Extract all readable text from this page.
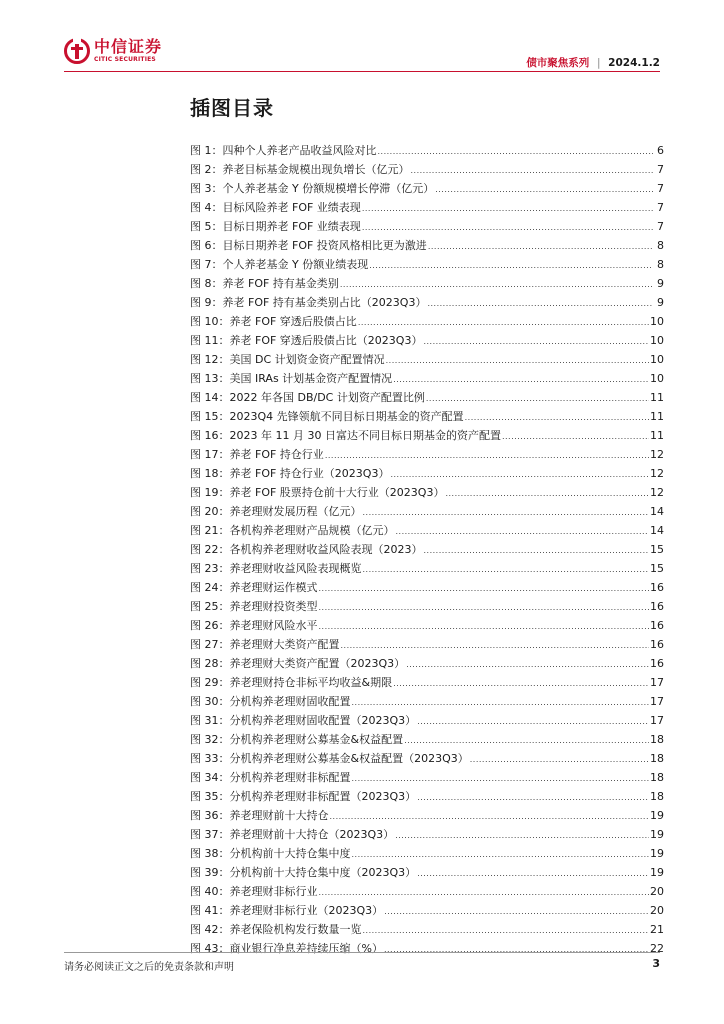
中信证券
CITIC SECURITIES	债市聚焦系列 | 2024.1.2
插图目录
图 1：四种个人养老产品收益风险对比 .....	6
图 2：养老目标基金规模出现负增长（亿元） .....	7
图 3：个人养老基金 Y 份额规模增长停滞（亿元） .....	7
图 4：目标风险养老 FOF 业绩表现 .....	7
图 5：目标日期养老 FOF 业绩表现 .....	7
图 6：目标日期养老 FOF 投资风格相比更为激进 .....	8
图 7：个人养老基金 Y 份额业绩表现 .....	8
图 8：养老 FOF 持有基金类别 .....	9
图 9：养老 FOF 持有基金类别占比（2023Q3） .....	9
图 10：养老 FOF 穿透后股债占比 .....	10
图 11：养老 FOF 穿透后股债占比（2023Q3） .....	10
图 12：美国 DC 计划资金资产配置情况 .....	10
图 13：美国 IRAs 计划基金资产配置情况 .....	10
图 14：2022 年各国 DB/DC 计划资产配置比例 .....	11
图 15：2023Q4 先锋领航不同目标日期基金的资产配置 .....	11
图 16：2023 年 11 月 30 日富达不同目标日期基金的资产配置 .....	11
图 17：养老 FOF 持仓行业 .....	12
图 18：养老 FOF 持仓行业（2023Q3） .....	12
图 19：养老 FOF 股票持仓前十大行业（2023Q3） .....	12
图 20：养老理财发展历程（亿元） .....	14
图 21：各机构养老理财产品规模（亿元） .....	14
图 22：各机构养老理财收益风险表现（2023） .....	15
图 23：养老理财收益风险表现概览 .....	15
图 24：养老理财运作模式 .....	16
图 25：养老理财投资类型 .....	16
图 26：养老理财风险水平 .....	16
图 27：养老理财大类资产配置 .....	16
图 28：养老理财大类资产配置（2023Q3） .....	16
图 29：养老理财持仓非标平均收益&期限 .....	17
图 30：分机构养老理财固收配置 .....	17
图 31：分机构养老理财固收配置（2023Q3） .....	17
图 32：分机构养老理财公募基金&权益配置 .....	18
图 33：分机构养老理财公募基金&权益配置（2023Q3） .....	18
图 34：分机构养老理财非标配置 .....	18
图 35：分机构养老理财非标配置（2023Q3） .....	18
图 36：养老理财前十大持仓 .....	19
图 37：养老理财前十大持仓（2023Q3） .....	19
图 38：分机构前十大持仓集中度 .....	19
图 39：分机构前十大持仓集中度（2023Q3） .....	19
图 40：养老理财非标行业 .....	20
图 41：养老理财非标行业（2023Q3） .....	20
图 42：养老保险机构发行数量一览 .....	21
图 43：商业银行净息差持续压缩（%） .....	22
请务必阅读正文之后的免责条款和声明	3
